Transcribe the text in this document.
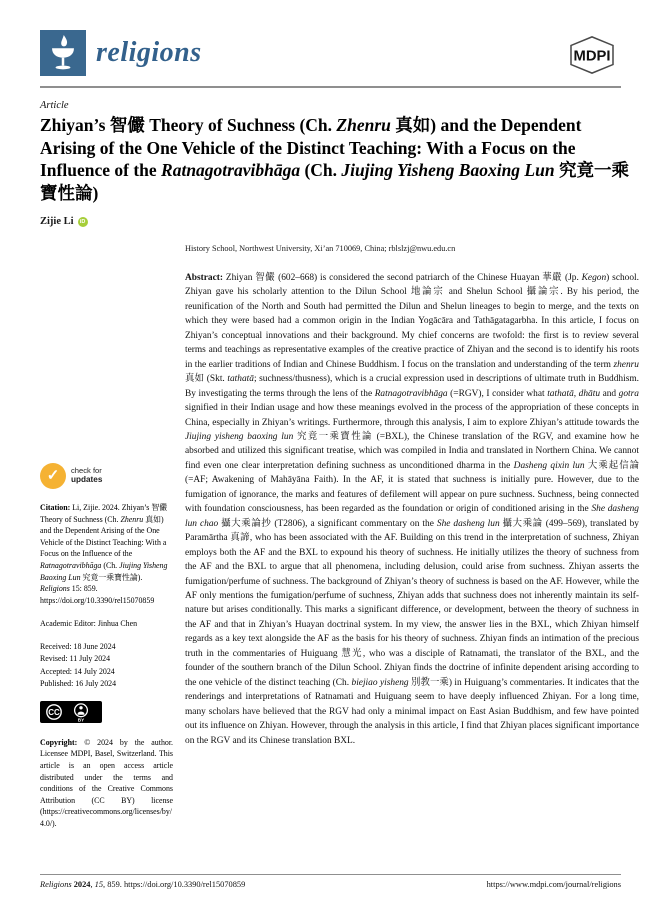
religions	MDPI
Article
Zhiyan’s 智儼 Theory of Suchness (Ch. Zhenru 真如) and the Dependent Arising of the One Vehicle of the Distinct Teaching: With a Focus on the Influence of the Ratnagotravibhāga (Ch. Jiujing Yisheng Baoxing Lun 究竟一乘寶性論)
Zijie Li	iD
✓	check for
updates

Citation: Li, Zijie. 2024. Zhiyan’s 智儼 Theory of Suchness (Ch. Zhenru 真如) and the Dependent Arising of the One Vehicle of the Distinct Teaching: With a Focus on the Influence of the Ratnagotravibhāga (Ch. Jiujing Yisheng Baoxing Lun 究竟一乘寶性論). Religions 15: 859. https://doi.org/10.3390/rel15070859

Academic Editor: Jinhua Chen

Received: 18 June 2024
Revised: 11 July 2024
Accepted: 14 July 2024
Published: 16 July 2024
CC
BY

Copyright: © 2024 by the author. Licensee MDPI, Basel, Switzerland. This article is an open access article distributed under the terms and conditions of the Creative Commons Attribution (CC BY) license (https://creativecommons.org/licenses/by/4.0/).

History School, Northwest University, Xi’an 710069, China; rblslzj@nwu.edu.cn

Abstract: Zhiyan 智儼 (602–668) is considered the second patriarch of the Chinese Huayan 華嚴 (Jp. Kegon) school. Zhiyan gave his scholarly attention to the Dilun School 地論宗 and Shelun School 攝論宗. By his period, the reunification of the North and South had permitted the Dilun and Shelun lineages to begin to merge, and the texts on which they were based had a common origin in the Indian Yogācāra and Tathāgatagarbha. In this article, I focus on Zhiyan’s conceptual innovations and their background. My chief concerns are twofold: the first is to review several terms and teachings as representative examples of the creative practice of Zhiyan and the second is to identify his roots in the earlier traditions of Indian and Chinese Buddhism. I focus on the translation and understanding of the term zhenru 真如 (Skt. tathatā; suchness/thusness), which is a crucial expression used in descriptions of ultimate truth in Buddhism. By investigating the terms through the lens of the Ratnagotravibhāga (=RGV), I consider what tathatā, dhātu and gotra signified in their Indian usage and how these meanings evolved in the process of the appropriation of these concepts in China, especially in Zhiyan’s writings. Furthermore, through this analysis, I aim to explore Zhiyan’s attitude towards the Jiujing yisheng baoxing lun 究竟一乘寶性論 (=BXL), the Chinese translation of the RGV, and examine how he absorbed and utilized this significant treatise, which was compiled in India and translated in Northern China. We cannot find even one clear interpretation defining suchness as unconditioned dharma in the Dasheng qixin lun 大乘起信論 (=AF; Awakening of Mahāyāna Faith). In the AF, it is stated that suchness is initially pure. However, due to the fumigation of ignorance, the marks and features of defilement will appear on pure suchness. Suchness, being connected with foundation consciousness, has been regarded as the foundation or origin of conditioned arising in the She dasheng lun chao 攝大乘論抄 (T2806), a significant commentary on the She dasheng lun 攝大乘論 (499–569), translated by Paramārtha 真諦, who has been associated with the AF. Building on this trend in the interpretation of suchness, Zhiyan employs both the AF and the BXL to expound his theory of suchness. He initially utilizes the theory of suchness from the AF and the BXL to argue that all phenomena, including delusion, could arise from suchness. Zhiyan asserts the fumigation/perfume of suchness. The background of Zhiyan’s theory of suchness is based on the AF. However, while the AF only mentions the fumigation/perfume of suchness, Zhiyan adds that suchness does not inherently maintain its self-nature but arises conditionally. This marks a significant difference, or development, between the theory of suchness in the AF and that in Zhiyan’s Huayan doctrinal system. In my view, the answer lies in the BXL, which Zhiyan himself regards as a key text alongside the AF as the basis for his theory of suchness. Zhiyan finds an intimation of the precious truth in the commentaries of Huiguang 慧光, who was a disciple of Ratnamati, the translator of the BXL, and the founder of the southern branch of the Dilun School. Zhiyan finds the doctrine of infinite dependent arising according to the one vehicle of the distinct teaching (Ch. biejiao yisheng 別教一乘) in Huiguang’s commentaries. It indicates that the renderings and interpretations of Ratnamati and Huiguang seem to have deeply influenced Zhiyan. For a long time, many scholars have believed that the RGV had only a minimal impact on East Asian Buddhism, and few have pointed out its influence on Zhiyan. However, through the analysis in this article, I find that Zhiyan places significant importance on the RGV and its Chinese translation BXL.

Religions 2024, 15, 859. https://doi.org/10.3390/rel15070859	https://www.mdpi.com/journal/religions
